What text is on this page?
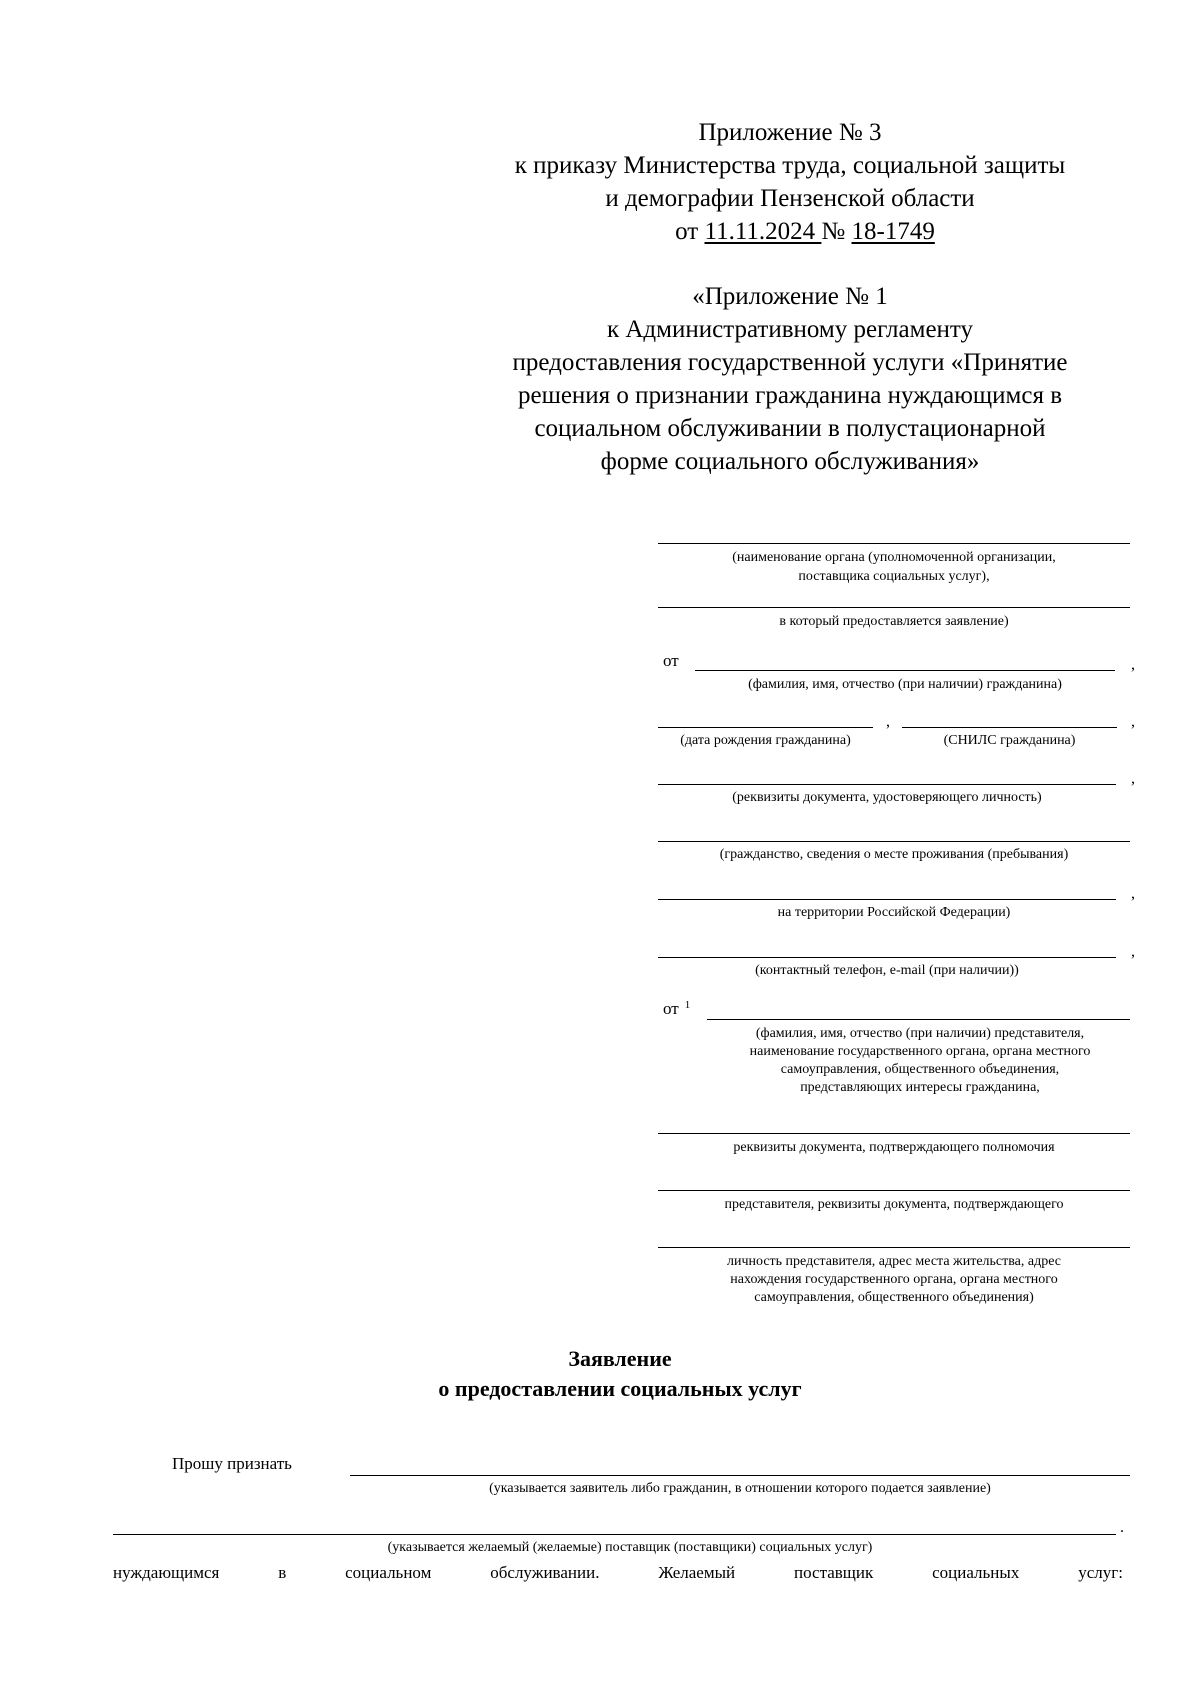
Приложение № 3
к приказу Министерства труда, социальной защиты
и демографии Пензенской области
от 11.11.2024 № 18-1749
«Приложение № 1
к Административному регламенту
предоставления государственной услуги «Принятие
решения о признании гражданина нуждающимся в
социальном обслуживании в полустационарной
форме социального обслуживания»
(наименование органа (уполномоченной организации,
поставщика социальных услуг),
в который предоставляется заявление)
от	,
(фамилия, имя, отчество (при наличии) гражданина)
,	,
(дата рождения гражданина)	(СНИЛС гражданина)
,
(реквизиты документа, удостоверяющего личность)
(гражданство, сведения о месте проживания (пребывания)
,
на территории Российской Федерации)
,
(контактный телефон, e-mail (при наличии))
от $^1$
(фамилия, имя, отчество (при наличии) представителя,
наименование государственного органа, органа местного
самоуправления, общественного объединения,
представляющих интересы гражданина,
реквизиты документа, подтверждающего полномочия
представителя, реквизиты документа, подтверждающего
личность представителя, адрес места жительства, адрес
нахождения государственного органа, органа местного
самоуправления, общественного объединения)
Заявление
о предоставлении социальных услуг
Прошу признать
(указывается заявитель либо гражданин, в отношении которого подается заявление)
.
(указывается желаемый (желаемые) поставщик (поставщики) социальных услуг)
нуждающимся	в	социальном	обслуживании.	Желаемый	поставщик	социальных	услуг:
